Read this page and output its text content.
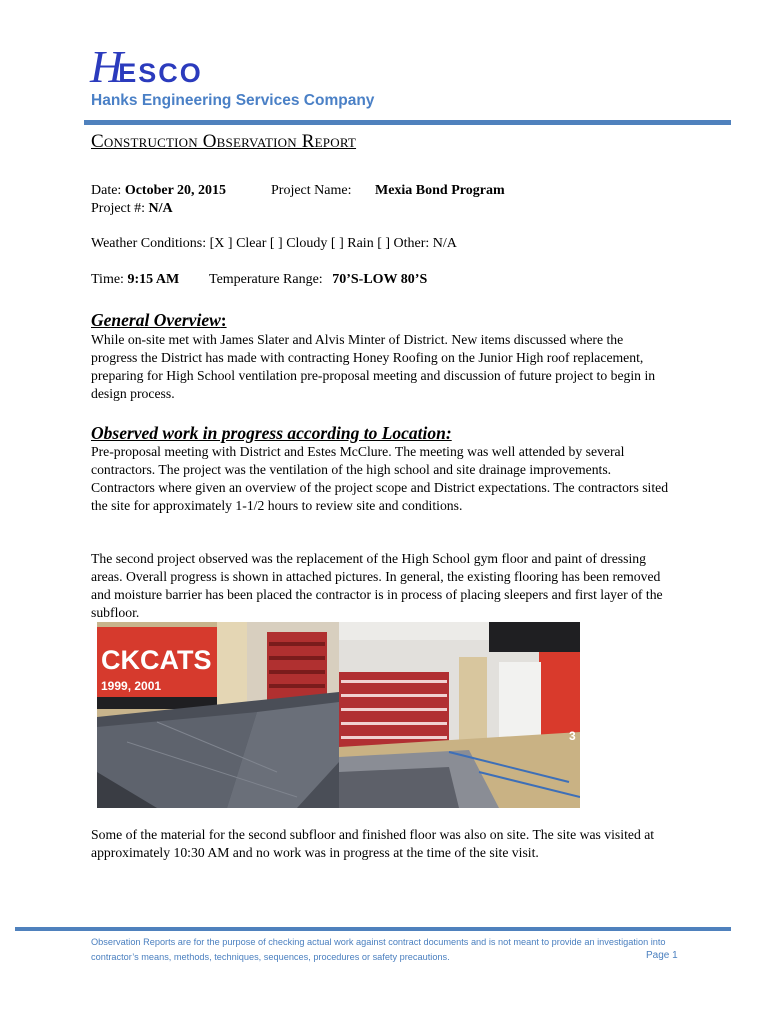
HESCO
Hanks Engineering Services Company
Construction Observation Report
Date: October 20, 2015	Project Name: Mexia Bond Program
Project #: N/A
Weather Conditions: [X ] Clear [ ] Cloudy [ ] Rain [ ] Other: N/A
Time: 9:15 AM Temperature Range: 70’S-LOW 80’S
General Overview:
While on-site met with James Slater and Alvis Minter of District. New items discussed where the progress the District has made with contracting Honey Roofing on the Junior High roof replacement, preparing for High School ventilation pre-proposal meeting and discussion of future project to begin in design process.
Observed work in progress according to Location:
Pre-proposal meeting with District and Estes McClure. The meeting was well attended by several contractors. The project was the ventilation of the high school and site drainage improvements. Contractors where given an overview of the project scope and District expectations. The contractors sited the site for approximately 1-1/2 hours to review site and conditions.
The second project observed was the replacement of the High School gym floor and paint of dressing areas. Overall progress is shown in attached pictures. In general, the existing flooring has been removed and moisture barrier has been placed the contractor is in process of placing sleepers and first layer of the subfloor.
CKCATS
1999, 2001
3
Some of the material for the second subfloor and finished floor was also on site. The site was visited at approximately 10:30 AM and no work was in progress at the time of the site visit.
Observation Reports are for the purpose of checking actual work against contract documents and is not meant to provide an investigation into contractor’s means, methods, techniques, sequences, procedures or safety precautions.	Page 1
